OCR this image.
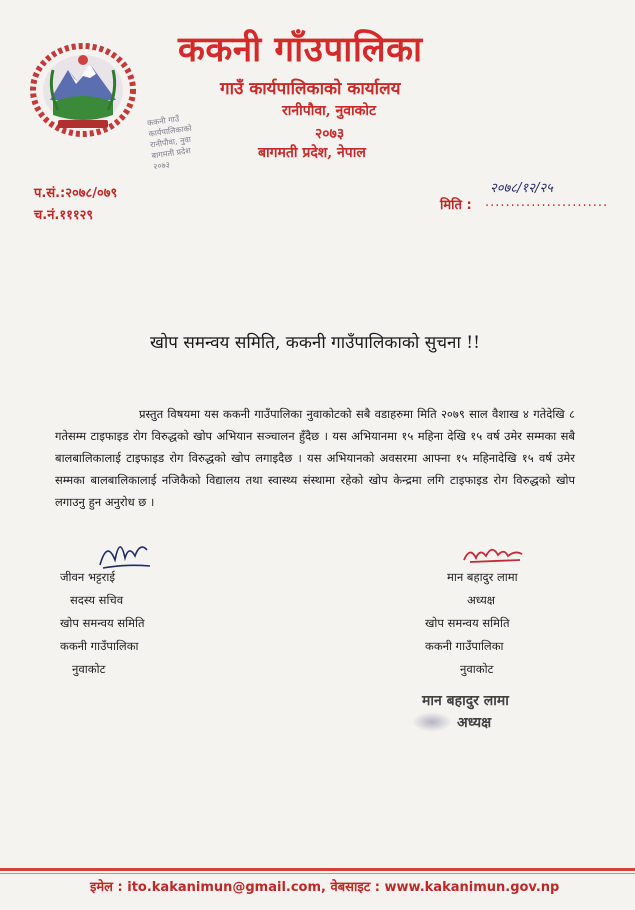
ककनी गाउँ
कार्यपालिकाको
रानीपौवा, नुवा
बागमती प्रदेश
२०७३
ककनी गाँउपालिका
गाउँ कार्यपालिकाको कार्यालय
रानीपौवा, नुवाकोट
२०७३
बागमती प्रदेश, नेपाल
प.सं.:२०७८/०७९
च.नं.१११२९
२०७८/१२/२५
मिति : ........................
खोप समन्वय समिति, ककनी गाउँपालिकाको सुचना !!
प्रस्तुत विषयमा यस ककनी गाउँपालिका नुवाकोटको सबै वडाहरुमा मिति २०७९ साल वैशाख ४ गतेदेखि ८ गतेसम्म टाइफाइड रोग विरुद्धको खोप अभियान सञ्चालन हुँदैछ । यस अभियानमा १५ महिना देखि १५ वर्ष उमेर सम्मका सबै बालबालिकालाई टाइफाइड रोग विरुद्धको खोप लगाइदैछ । यस अभियानको अवसरमा आफ्ना १५ महिनादेखि १५ वर्ष उमेर सम्मका बालबालिकालाई नजिकैको विद्यालय तथा स्वास्थ्य संस्थामा रहेको खोप केन्द्रमा लगि टाइफाइड रोग विरुद्धको खोप लगाउनु हुन अनुरोध छ ।
जीवन भट्टराई
सदस्य सचिव
खोप समन्वय समिति
ककनी गाउँपालिका
नुवाकोट
मान बहादुर लामा
अध्यक्ष
खोप समन्वय समिति
ककनी गाउँपालिका
नुवाकोट
मान बहादुर लामा
अध्यक्ष
इमेल : ito.kakanimun@gmail.com, वेबसाइट : www.kakanimun.gov.np
